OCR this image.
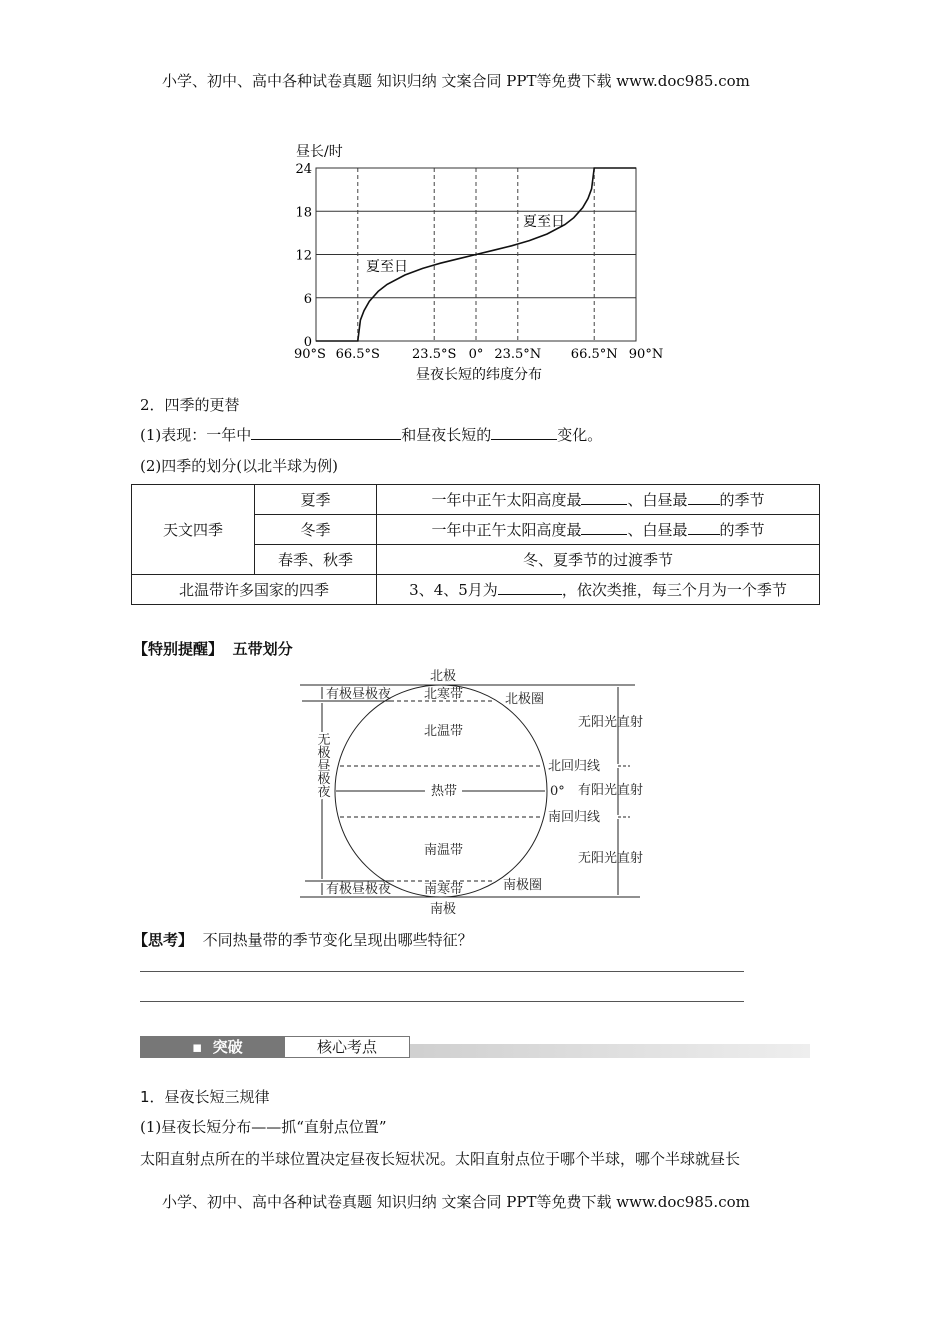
小学、初中、高中各种试卷真题 知识归纳 文案合同 PPT等免费下载 www.doc985.com
0
6
12
18
24
90°S 66.5°S 23.5°S 0° 23.5°N 66.5°N 90°N
夏至日
夏至日
昼长/时
昼夜长短的纬度分布
2．四季的更替
(1)表现：一年中	和昼夜长短的	变化。
(2)四季的划分(以北半球为例)
天文四季	夏季	一年中正午太阳高度最 、白昼最 的季节
	冬季	一年中正午太阳高度最 、白昼最 的季节
	春季、秋季	冬、夏季节的过渡季节
北温带许多国家的四季		3、4、5月为 ，依次类推，每三个月为一个季节
【特别提醒】 五带划分
北极
南极
有极昼极夜
有极昼极夜
北寒带
南寒带
北极圈
南极圈
北温带
南温带
热带	0°
北回归线
南回归线
无阳光直射
有阳光直射
无阳光直射
无极昼极夜
【思考】 不同热量带的季节变化呈现出哪些特征？
▪  突破	核心考点
1．昼夜长短三规律
(1)昼夜长短分布——抓“直射点位置”
太阳直射点所在的半球位置决定昼夜长短状况。太阳直射点位于哪个半球，哪个半球就昼长
小学、初中、高中各种试卷真题 知识归纳 文案合同 PPT等免费下载 www.doc985.com
